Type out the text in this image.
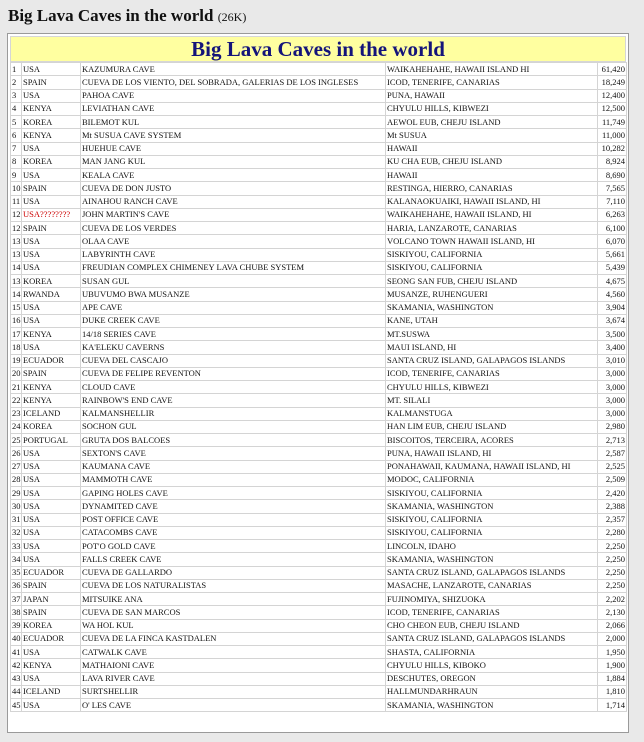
Big Lava Caves in the world (26K)
Big Lava Caves in the world
1	USA	KAZUMURA CAVE	WAIKAHEHAHE, HAWAII ISLAND HI	61,420
2	SPAIN	CUEVA DE LOS VIENTO, DEL SOBRADA, GALERIAS DE LOS INGLESES	ICOD, TENERIFE, CANARIAS	18,249
3	USA	PAHOA CAVE	PUNA, HAWAII	12,400
4	KENYA	LEVIATHAN CAVE	CHYULU HILLS, KIBWEZI	12,500
5	KOREA	BILEMOT KUL	AEWOL EUB, CHEJU ISLAND	11,749
6	KENYA	Mt SUSUA CAVE SYSTEM	Mt SUSUA	11,000
7	USA	HUEHUE CAVE	HAWAII	10,282
8	KOREA	MAN JANG KUL	KU CHA EUB, CHEJU ISLAND	8,924
9	USA	KEALA CAVE	HAWAII	8,690
10	SPAIN	CUEVA DE DON JUSTO	RESTINGA, HIERRO, CANARIAS	7,565
11	USA	AINAHOU RANCH CAVE	KALANAOKUAIKI, HAWAII ISLAND, HI	7,110
12	USA????????	JOHN MARTIN'S CAVE	WAIKAHEHAHE, HAWAII ISLAND, HI	6,263
12	SPAIN	CUEVA DE LOS VERDES	HARIA, LANZAROTE, CANARIAS	6,100
13	USA	OLAA CAVE	VOLCANO TOWN HAWAII ISLAND, HI	6,070
13	USA	LABYRINTH CAVE	SISKIYOU, CALIFORNIA	5,661
14	USA	FREUDIAN COMPLEX CHIMENEY LAVA CHUBE SYSTEM	SISKIYOU, CALIFORNIA	5,439
13	KOREA	SUSAN GUL	SEONG SAN FUB, CHEJU ISLAND	4,675
14	RWANDA	UBUVUMO BWA MUSANZE	MUSANZE, RUHENGUERI	4,560
15	USA	APE CAVE	SKAMANIA, WASHINGTON	3,904
16	USA	DUKE CREEK CAVE	KANE, UTAH	3,674
17	KENYA	14/18 SERIES CAVE	MT.SUSWA	3,500
18	USA	KA'ELEKU CAVERNS	MAUI ISLAND, HI	3,400
19	ECUADOR	CUEVA DEL CASCAJO	SANTA CRUZ ISLAND, GALAPAGOS ISLANDS	3,010
20	SPAIN	CUEVA DE FELIPE REVENTON	ICOD, TENERIFE, CANARIAS	3,000
21	KENYA	CLOUD CAVE	CHYULU HILLS, KIBWEZI	3,000
22	KENYA	RAINBOW'S END CAVE	MT. SILALI	3,000
23	ICELAND	KALMANSHELLIR	KALMANSTUGA	3,000
24	KOREA	SOCHON GUL	HAN LIM EUB, CHEJU ISLAND	2,980
25	PORTUGAL	GRUTA DOS BALCOES	BISCOITOS, TERCEIRA, ACORES	2,713
26	USA	SEXTON'S CAVE	PUNA, HAWAII ISLAND, HI	2,587
27	USA	KAUMANA CAVE	PONAHAWAII, KAUMANA, HAWAII ISLAND, HI	2,525
28	USA	MAMMOTH CAVE	MODOC, CALIFORNIA	2,509
29	USA	GAPING HOLES CAVE	SISKIYOU, CALIFORNIA	2,420
30	USA	DYNAMITED CAVE	SKAMANIA, WASHINGTON	2,388
31	USA	POST OFFICE CAVE	SISKIYOU, CALIFORNIA	2,357
32	USA	CATACOMBS CAVE	SISKIYOU, CALIFORNIA	2,280
33	USA	POT'O GOLD CAVE	LINCOLN, IDAHO	2,250
34	USA	FALLS CREEK CAVE	SKAMANIA, WASHINGTON	2,250
35	ECUADOR	CUEVA DE GALLARDO	SANTA CRUZ ISLAND, GALAPAGOS ISLANDS	2,250
36	SPAIN	CUEVA DE LOS NATURALISTAS	MASACHE, LANZAROTE, CANARIAS	2,250
37	JAPAN	MITSUIKE ANA	FUJINOMIYA, SHIZUOKA	2,202
38	SPAIN	CUEVA DE SAN MARCOS	ICOD, TENERIFE, CANARIAS	2,130
39	KOREA	WA HOL KUL	CHO CHEON EUB, CHEJU ISLAND	2,066
40	ECUADOR	CUEVA DE LA FINCA KASTDALEN	SANTA CRUZ ISLAND, GALAPAGOS ISLANDS	2,000
41	USA	CATWALK CAVE	SHASTA, CALIFORNIA	1,950
42	KENYA	MATHAIONI CAVE	CHYULU HILLS, KIBOKO	1,900
43	USA	LAVA RIVER CAVE	DESCHUTES, OREGON	1,884
44	ICELAND	SURTSHELLIR	HALLMUNDARHRAUN	1,810
45	USA	O' LES CAVE	SKAMANIA, WASHINGTON	1,714
